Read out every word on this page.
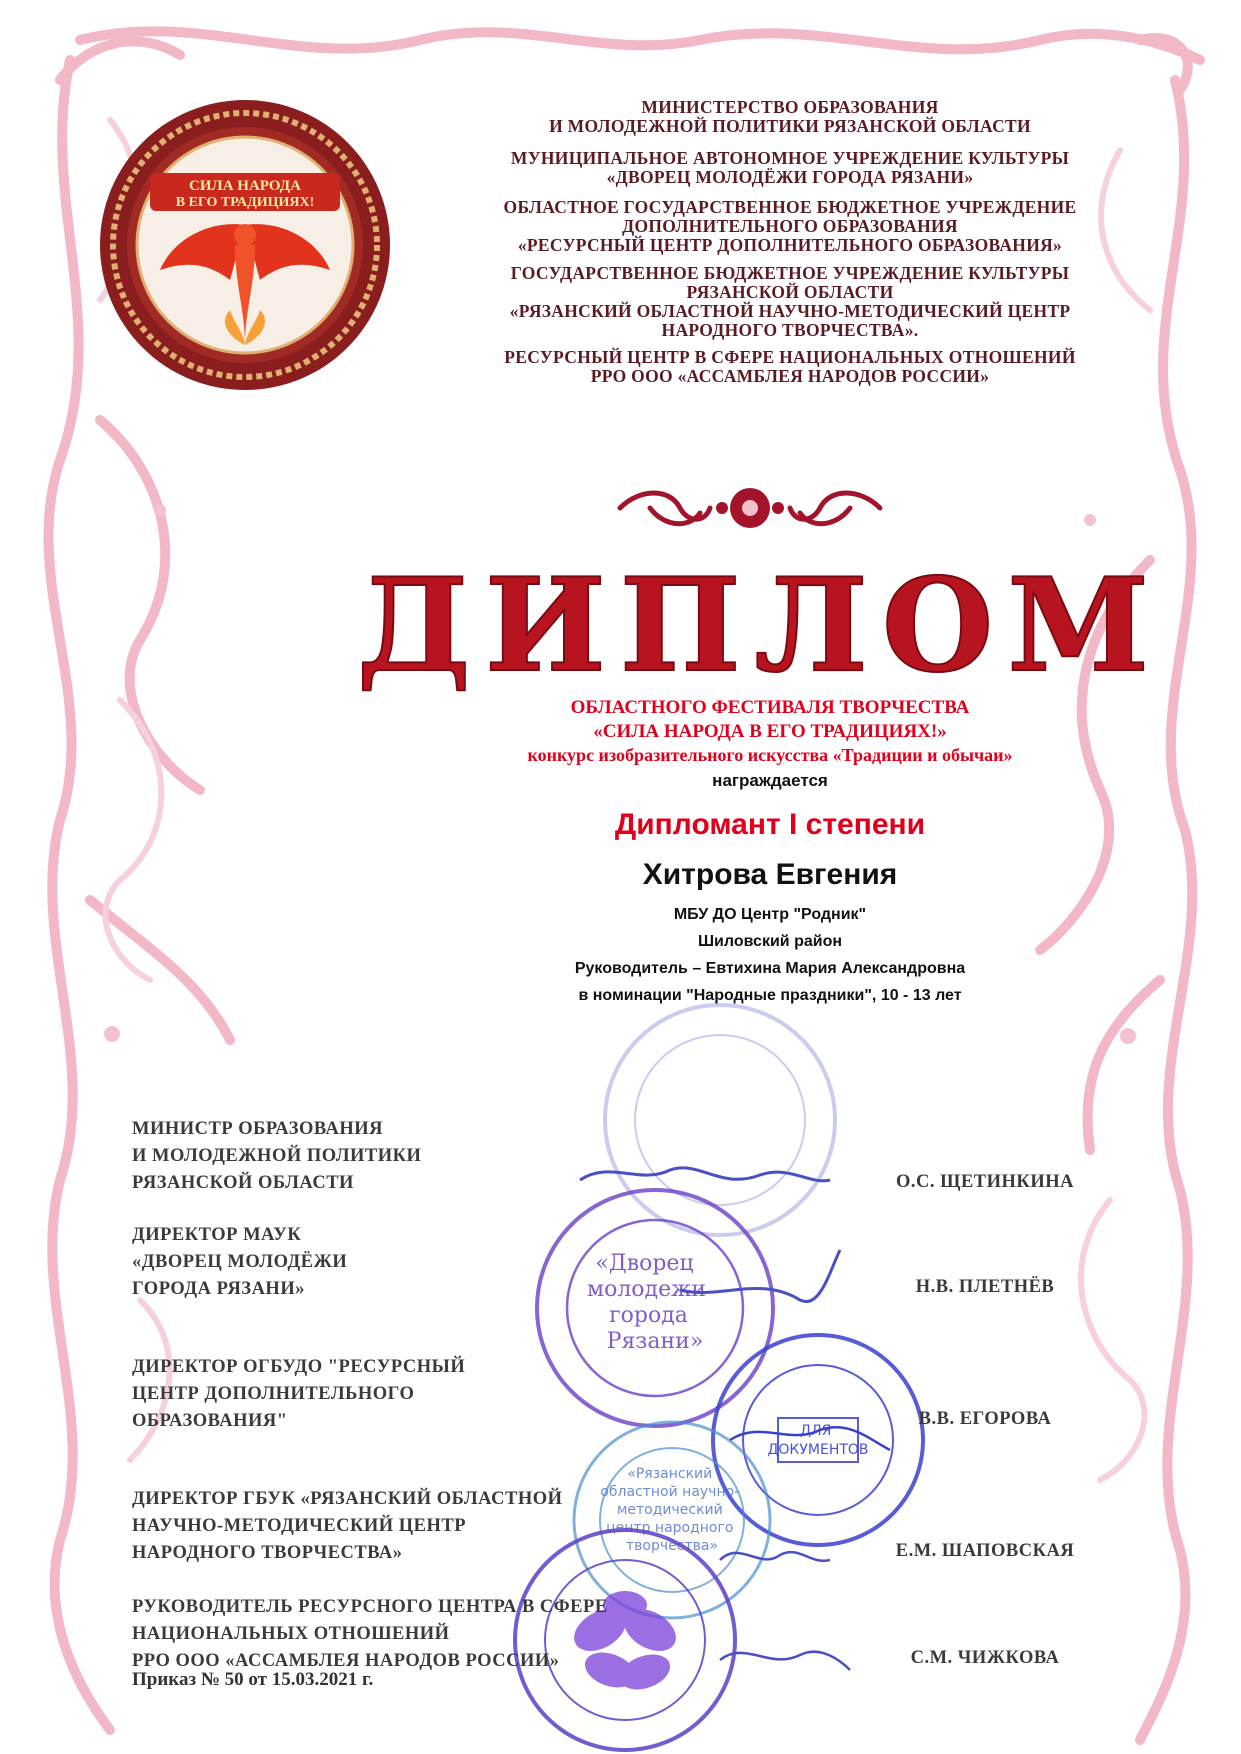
СИЛА НАРОДА
В ЕГО ТРАДИЦИЯХ!
МИНИСТЕРСТВО ОБРАЗОВАНИЯ
И МОЛОДЕЖНОЙ ПОЛИТИКИ РЯЗАНСКОЙ ОБЛАСТИ
МУНИЦИПАЛЬНОЕ АВТОНОМНОЕ УЧРЕЖДЕНИЕ КУЛЬТУРЫ
«ДВОРЕЦ МОЛОДЁЖИ ГОРОДА РЯЗАНИ»
ОБЛАСТНОЕ ГОСУДАРСТВЕННОЕ БЮДЖЕТНОЕ УЧРЕЖДЕНИЕ
ДОПОЛНИТЕЛЬНОГО ОБРАЗОВАНИЯ
«РЕСУРСНЫЙ ЦЕНТР ДОПОЛНИТЕЛЬНОГО ОБРАЗОВАНИЯ»
ГОСУДАРСТВЕННОЕ БЮДЖЕТНОЕ УЧРЕЖДЕНИЕ КУЛЬТУРЫ
РЯЗАНСКОЙ ОБЛАСТИ
«РЯЗАНСКИЙ ОБЛАСТНОЙ НАУЧНО-МЕТОДИЧЕСКИЙ ЦЕНТР
НАРОДНОГО ТВОРЧЕСТВА».
РЕСУРСНЫЙ ЦЕНТР В СФЕРЕ НАЦИОНАЛЬНЫХ ОТНОШЕНИЙ
РРО ООО «АССАМБЛЕЯ НАРОДОВ РОССИИ»
ДИПЛОМ
ОБЛАСТНОГО ФЕСТИВАЛЯ ТВОРЧЕСТВА
«СИЛА НАРОДА В ЕГО ТРАДИЦИЯХ!»
конкурс изобразительного искусства «Традиции и обычаи»
награждается
Дипломант I степени
Хитрова Евгения
МБУ ДО Центр "Родник"
Шиловский район
Руководитель – Евтихина Мария Александровна
в номинации "Народные праздники", 10 - 13 лет
«Дворец молодежи города Рязани»
ДЛЯ ДОКУМЕНТОВ
«Рязанский областной научно- методический центр народного творчества»
МИНИСТР ОБРАЗОВАНИЯ
И МОЛОДЕЖНОЙ ПОЛИТИКИ
РЯЗАНСКОЙ ОБЛАСТИ	О.С. ЩЕТИНКИНА
ДИРЕКТОР МАУК
«ДВОРЕЦ МОЛОДЁЖИ
ГОРОДА РЯЗАНИ»	Н.В. ПЛЕТНЁВ
ДИРЕКТОР ОГБУДО "РЕСУРСНЫЙ
ЦЕНТР ДОПОЛНИТЕЛЬНОГО
ОБРАЗОВАНИЯ"	В.В. ЕГОРОВА
ДИРЕКТОР ГБУК «РЯЗАНСКИЙ ОБЛАСТНОЙ
НАУЧНО-МЕТОДИЧЕСКИЙ ЦЕНТР
НАРОДНОГО ТВОРЧЕСТВА»	Е.М. ШАПОВСКАЯ
РУКОВОДИТЕЛЬ РЕСУРСНОГО ЦЕНТРА В СФЕРЕ
НАЦИОНАЛЬНЫХ ОТНОШЕНИЙ
РРО ООО «АССАМБЛЕЯ НАРОДОВ РОССИИ»	С.М. ЧИЖКОВА
Приказ № 50 от 15.03.2021 г.
